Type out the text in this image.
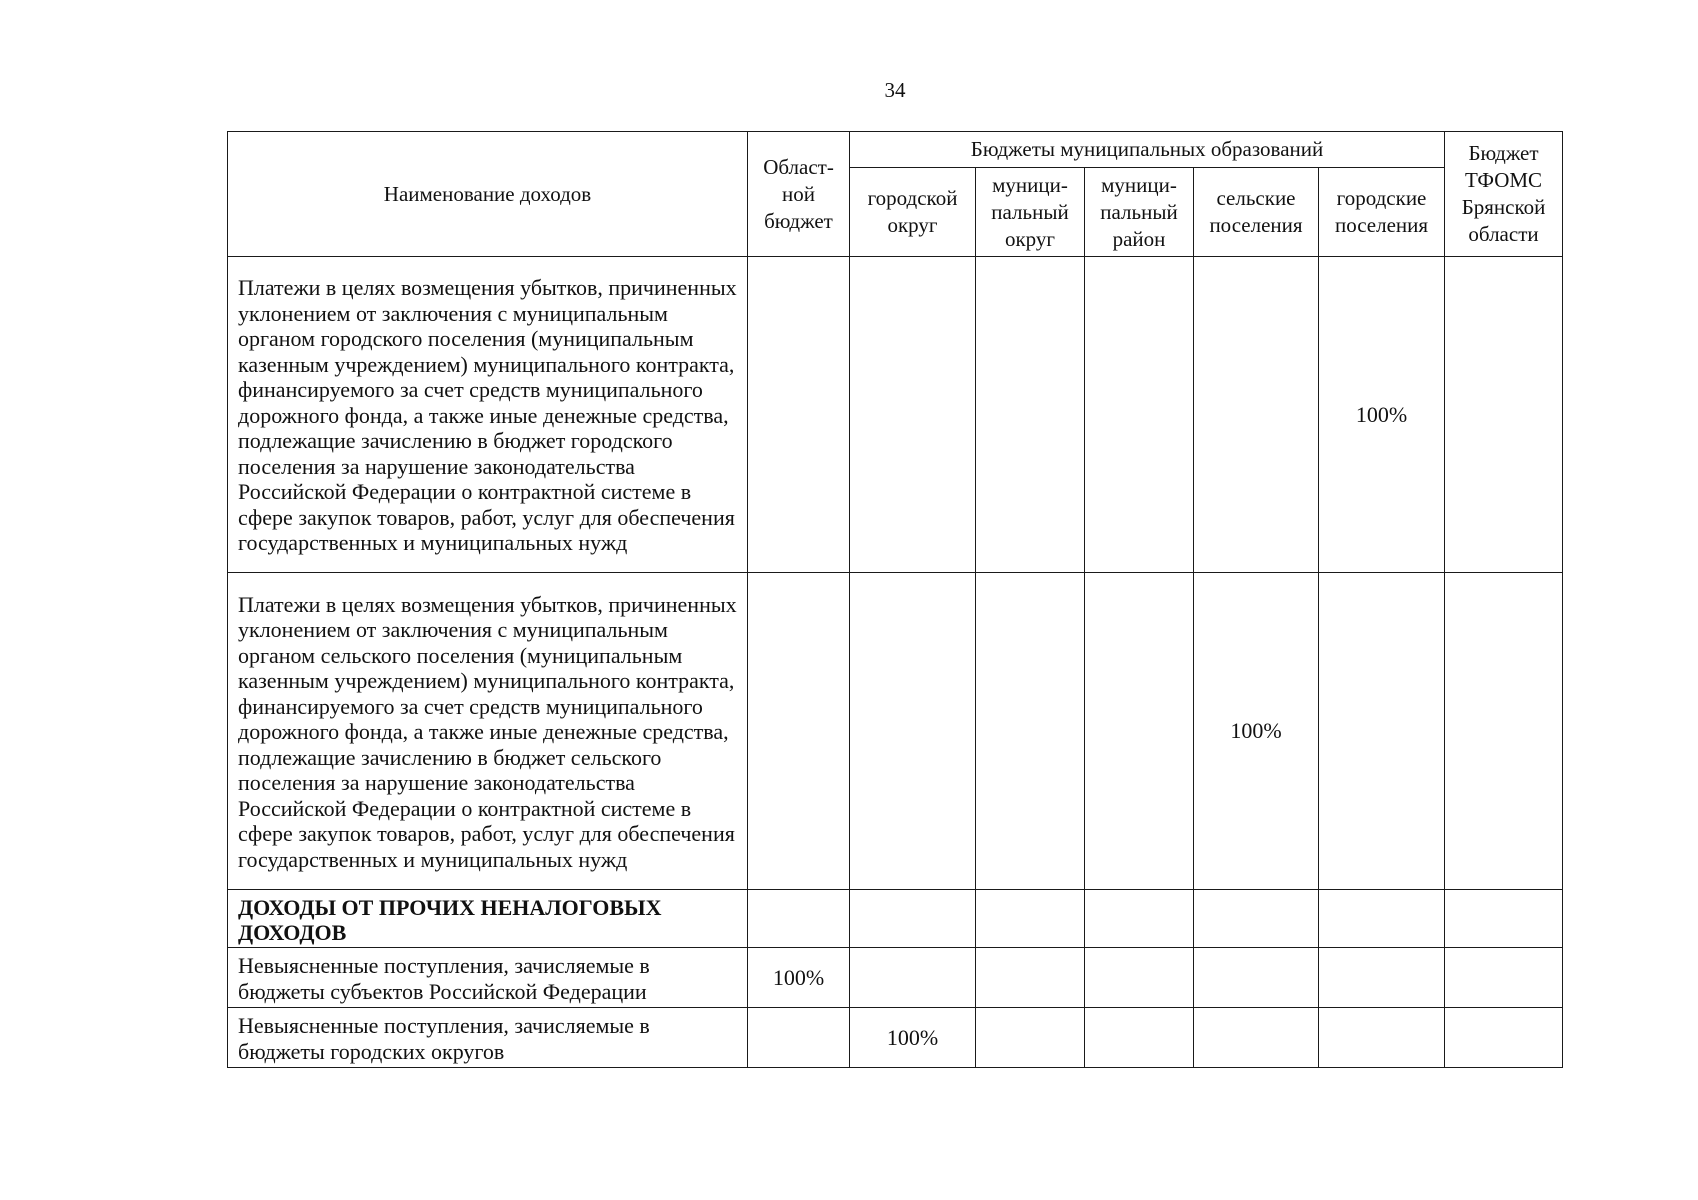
34
Наименование доходов	Област-
ной
бюджет	Бюджеты муниципальных образований					Бюджет
ТФОМС
Брянской
области

		городской
округ	муници-
пальный
округ	муници-
пальный
район	сельские
поселения	городские
поселения	

Платежи в целях возмещения убытков, причиненных уклонением от заключения с муниципальным органом городского поселения (муниципальным казенным учреждением) муниципального контракта, финансируемого за счет средств муниципального дорожного фонда, а также иные денежные средства, подлежащие зачислению в бюджет городского поселения за нарушение законодательства Российской Федерации о контрактной системе в сфере закупок товаров, работ, услуг для обеспечения государственных и муниципальных нужд						100%	
Платежи в целях возмещения убытков, причиненных уклонением от заключения с муниципальным органом сельского поселения (муниципальным казенным учреждением) муниципального контракта, финансируемого за счет средств муниципального дорожного фонда, а также иные денежные средства, подлежащие зачислению в бюджет сельского поселения за нарушение законодательства Российской Федерации о контрактной системе в сфере закупок товаров, работ, услуг для обеспечения государственных и муниципальных нужд					100%		
ДОХОДЫ ОТ ПРОЧИХ НЕНАЛОГОВЫХ ДОХОДОВ							
Невыясненные поступления, зачисляемые в бюджеты субъектов Российской Федерации	100%						
Невыясненные поступления, зачисляемые в бюджеты городских округов		100%					
